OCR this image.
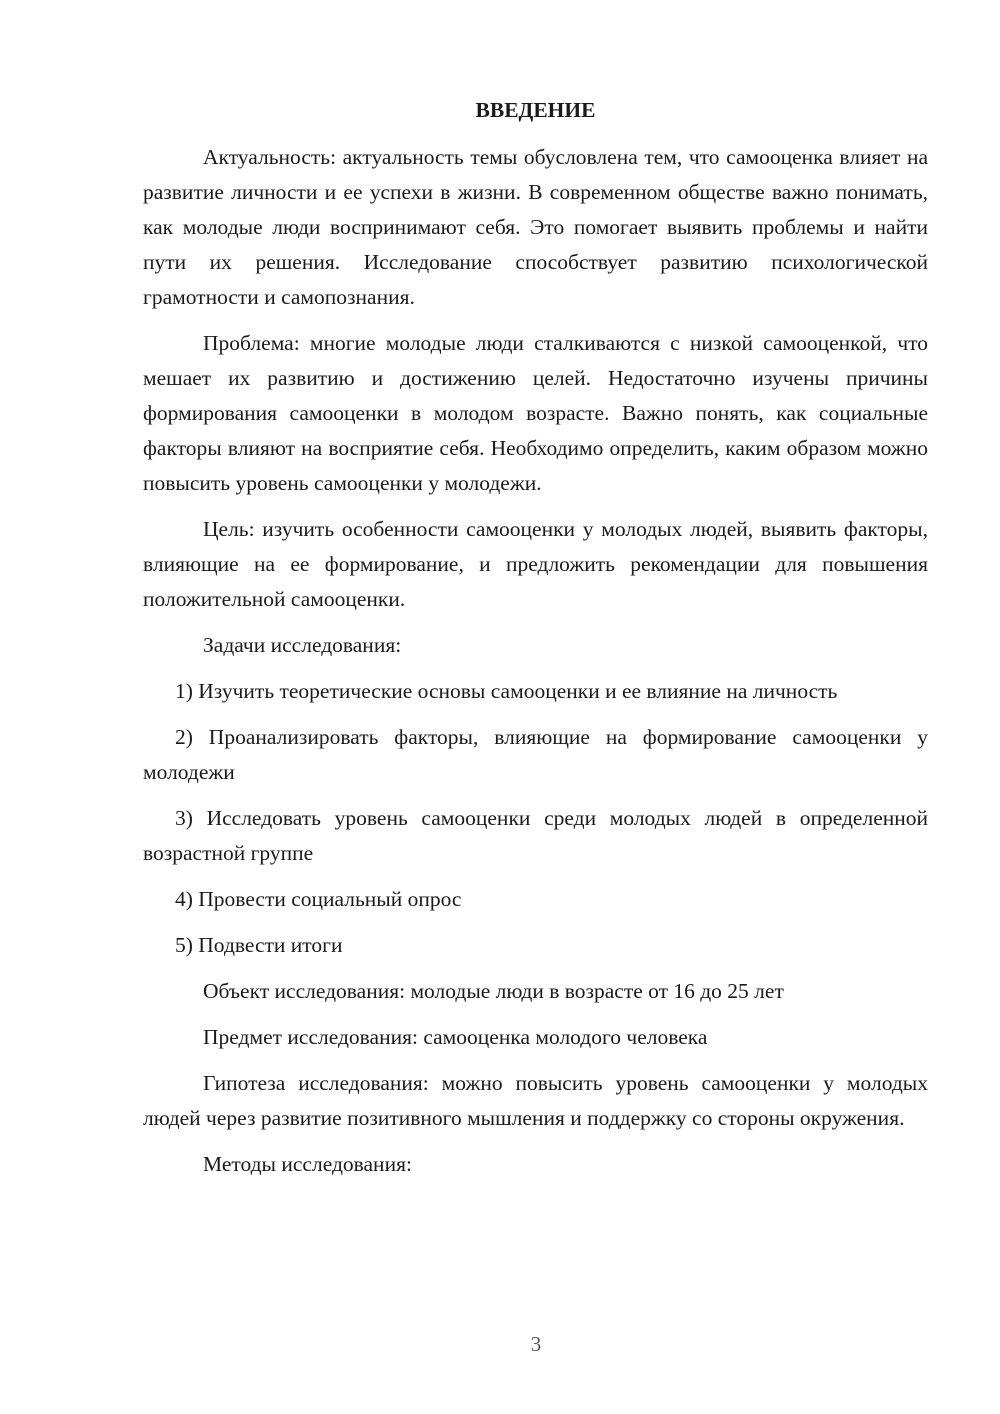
ВВЕДЕНИЕ

Актуальность: актуальность темы обусловлена тем, что самооценка влияет на развитие личности и ее успехи в жизни. В современном обществе важно понимать, как молодые люди воспринимают себя. Это помогает выявить проблемы и найти пути их решения. Исследование способствует развитию психологической грамотности и самопознания.

Проблема: многие молодые люди сталкиваются с низкой самооценкой, что мешает их развитию и достижению целей. Недостаточно изучены причины формирования самооценки в молодом возрасте. Важно понять, как социальные факторы влияют на восприятие себя. Необходимо определить, каким образом можно повысить уровень самооценки у молодежи.

Цель: изучить особенности самооценки у молодых людей, выявить факторы, влияющие на ее формирование, и предложить рекомендации для повышения положительной самооценки.

Задачи исследования:

1) Изучить теоретические основы самооценки и ее влияние на личность

2) Проанализировать факторы, влияющие на формирование самооценки у молодежи

3) Исследовать уровень самооценки среди молодых людей в определенной возрастной группе

4) Провести социальный опрос

5) Подвести итоги

Объект исследования: молодые люди в возрасте от 16 до 25 лет

Предмет исследования: самооценка молодого человека

Гипотеза исследования: можно повысить уровень самооценки у молодых людей через развитие позитивного мышления и поддержку со стороны окружения.

Методы исследования:

3
